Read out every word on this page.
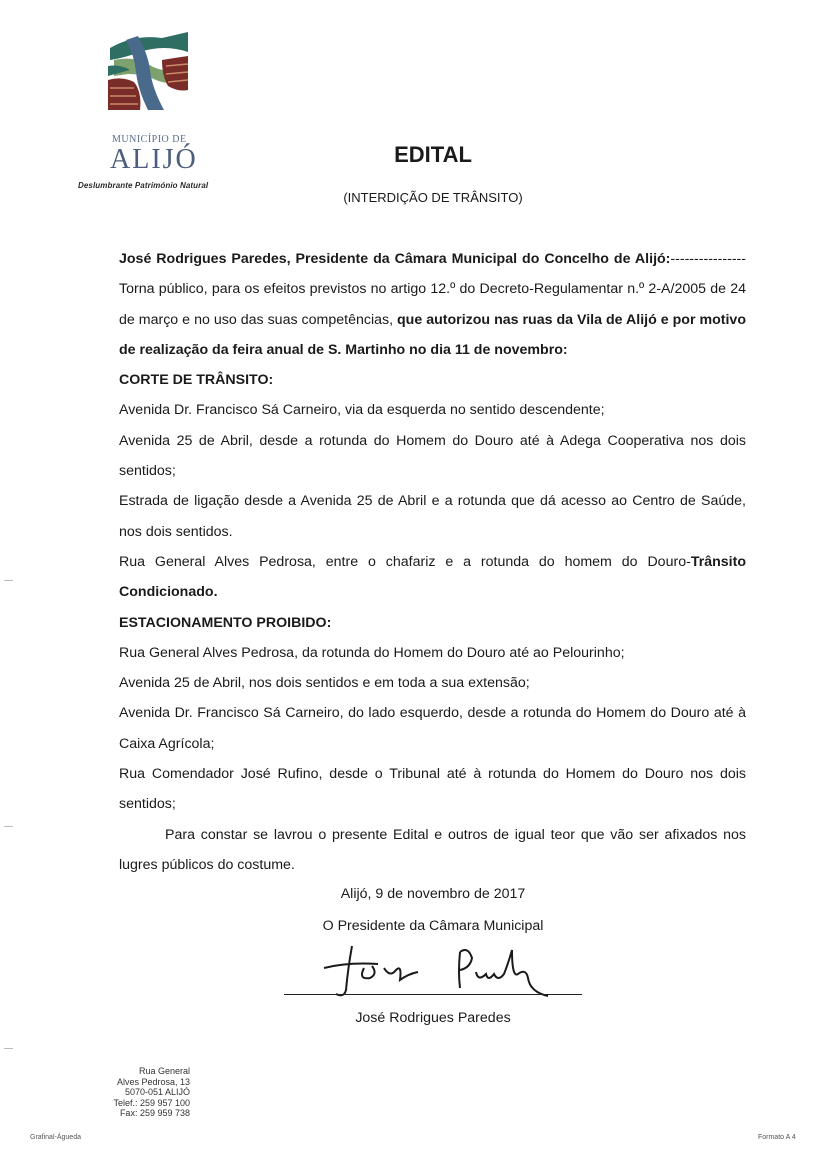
MUNICÍPIO DE
ALIJÓ
Deslumbrante Património Natural
EDITAL
(INTERDIÇÃO DE TRÂNSITO)

José Rodrigues Paredes, Presidente da Câmara Municipal do Concelho de Alijó:----------------

Torna público, para os efeitos previstos no artigo 12.º do Decreto-Regulamentar n.º 2-A/2005 de 24 de março e no uso das suas competências, que autorizou nas ruas da Vila de Alijó e por motivo de realização da feira anual de S. Martinho no dia 11 de novembro:

CORTE DE TRÂNSITO:

Avenida Dr. Francisco Sá Carneiro, via da esquerda no sentido descendente;

Avenida 25 de Abril, desde a rotunda do Homem do Douro até à Adega Cooperativa nos dois sentidos;

Estrada de ligação desde a Avenida 25 de Abril e a rotunda que dá acesso ao Centro de Saúde, nos dois sentidos.

Rua General Alves Pedrosa, entre o chafariz e a rotunda do homem do Douro-Trânsito Condicionado.

ESTACIONAMENTO PROIBIDO:

Rua General Alves Pedrosa, da rotunda do Homem do Douro até ao Pelourinho;

Avenida 25 de Abril, nos dois sentidos e em toda a sua extensão;

Avenida Dr. Francisco Sá Carneiro, do lado esquerdo, desde a rotunda do Homem do Douro até à Caixa Agrícola;

Rua Comendador José Rufino, desde o Tribunal até à rotunda do Homem do Douro nos dois sentidos;

Para constar se lavrou o presente Edital e outros de igual teor que vão ser afixados nos lugres públicos do costume.

Alijó, 9 de novembro de 2017
O Presidente da Câmara Municipal
José Rodrigues Paredes
Rua General
Alves Pedrosa, 13
5070-051 ALIJÓ
Telef.: 259 957 100
Fax: 259 959 738
Grafinal-Águeda	Formato A 4
